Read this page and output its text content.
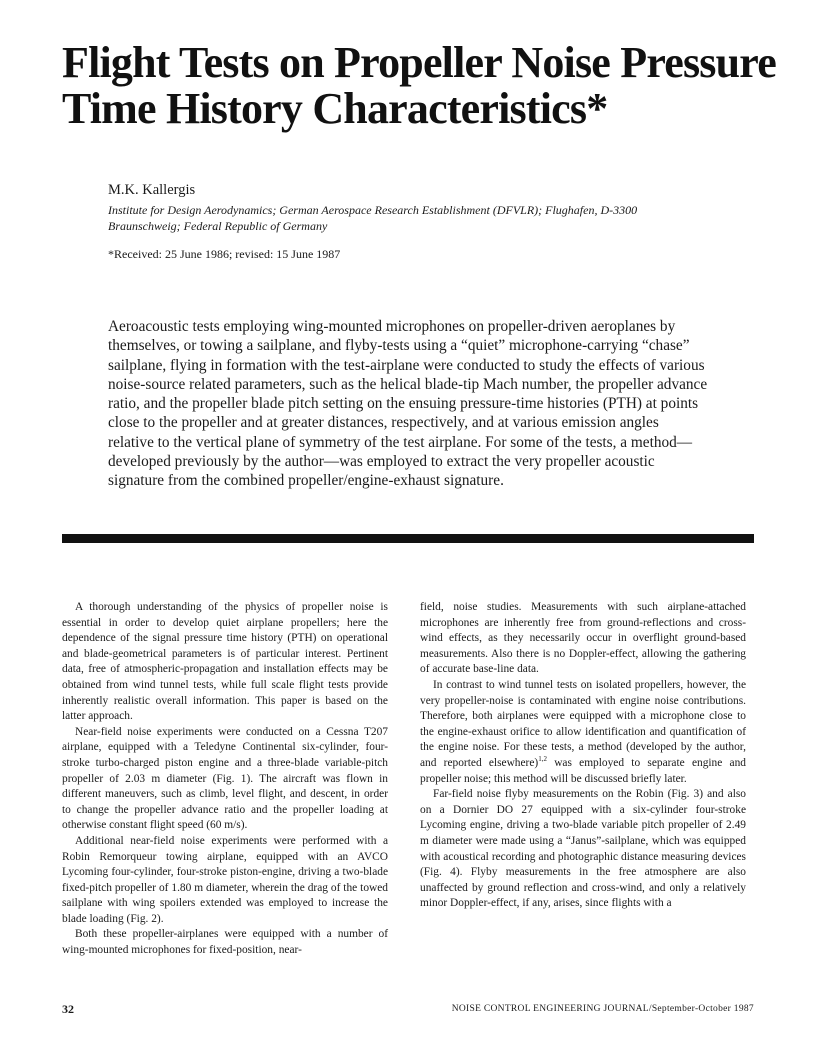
Flight Tests on Propeller Noise Pressure Time History Characteristics*

M.K. Kallergis

Institute for Design Aerodynamics; German Aerospace Research Establishment (DFVLR); Flughafen, D-3300 Braunschweig; Federal Republic of Germany

*Received: 25 June 1986; revised: 15 June 1987

Aeroacoustic tests employing wing-mounted microphones on propeller-driven aeroplanes by themselves, or towing a sailplane, and flyby-tests using a “quiet” microphone-carrying “chase” sailplane, flying in formation with the test-airplane were conducted to study the effects of various noise-source related parameters, such as the helical blade-tip Mach number, the propeller advance ratio, and the propeller blade pitch setting on the ensuing pressure-time histories (PTH) at points close to the propeller and at greater distances, respectively, and at various emission angles relative to the vertical plane of symmetry of the test airplane. For some of the tests, a method—developed previously by the author—was employed to extract the very propeller acoustic signature from the combined propeller/engine-exhaust signature.

A thorough understanding of the physics of propeller noise is essential in order to develop quiet airplane propellers; here the dependence of the signal pressure time history (PTH) on operational and blade-geometrical parameters is of particular interest. Pertinent data, free of atmospheric-propagation and installation effects may be obtained from wind tunnel tests, while full scale flight tests provide inherently realistic overall information. This paper is based on the latter approach.

Near-field noise experiments were conducted on a Cessna T207 airplane, equipped with a Teledyne Continental six-cylinder, four-stroke turbo-charged piston engine and a three-blade variable-pitch propeller of 2.03 m diameter (Fig. 1). The aircraft was flown in different maneuvers, such as climb, level flight, and descent, in order to change the propeller advance ratio and the propeller loading at otherwise constant flight speed (60 m/s).

Additional near-field noise experiments were performed with a Robin Remorqueur towing airplane, equipped with an AVCO Lycoming four-cylinder, four-stroke piston-engine, driving a two-blade fixed-pitch propeller of 1.80 m diameter, wherein the drag of the towed sailplane with wing spoilers extended was employed to increase the blade loading (Fig. 2).

Both these propeller-airplanes were equipped with a number of wing-mounted microphones for fixed-position, near-

field, noise studies. Measurements with such airplane-attached microphones are inherently free from ground-reflections and cross-wind effects, as they necessarily occur in overflight ground-based measurements. Also there is no Doppler-effect, allowing the gathering of accurate base-line data.

In contrast to wind tunnel tests on isolated propellers, however, the very propeller-noise is contaminated with engine noise contributions. Therefore, both airplanes were equipped with a microphone close to the engine-exhaust orifice to allow identification and quantification of the engine noise. For these tests, a method (developed by the author, and reported elsewhere)$^{1,2}$ was employed to separate engine and propeller noise; this method will be discussed briefly later.

Far-field noise flyby measurements on the Robin (Fig. 3) and also on a Dornier DO 27 equipped with a six-cylinder four-stroke Lycoming engine, driving a two-blade variable pitch propeller of 2.49 m diameter were made using a “Janus”-sailplane, which was equipped with acoustical recording and photographic distance measuring devices (Fig. 4). Flyby measurements in the free atmosphere are also unaffected by ground reflection and cross-wind, and only a relatively minor Doppler-effect, if any, arises, since flights with a

32	NOISE CONTROL ENGINEERING JOURNAL/September-October 1987
